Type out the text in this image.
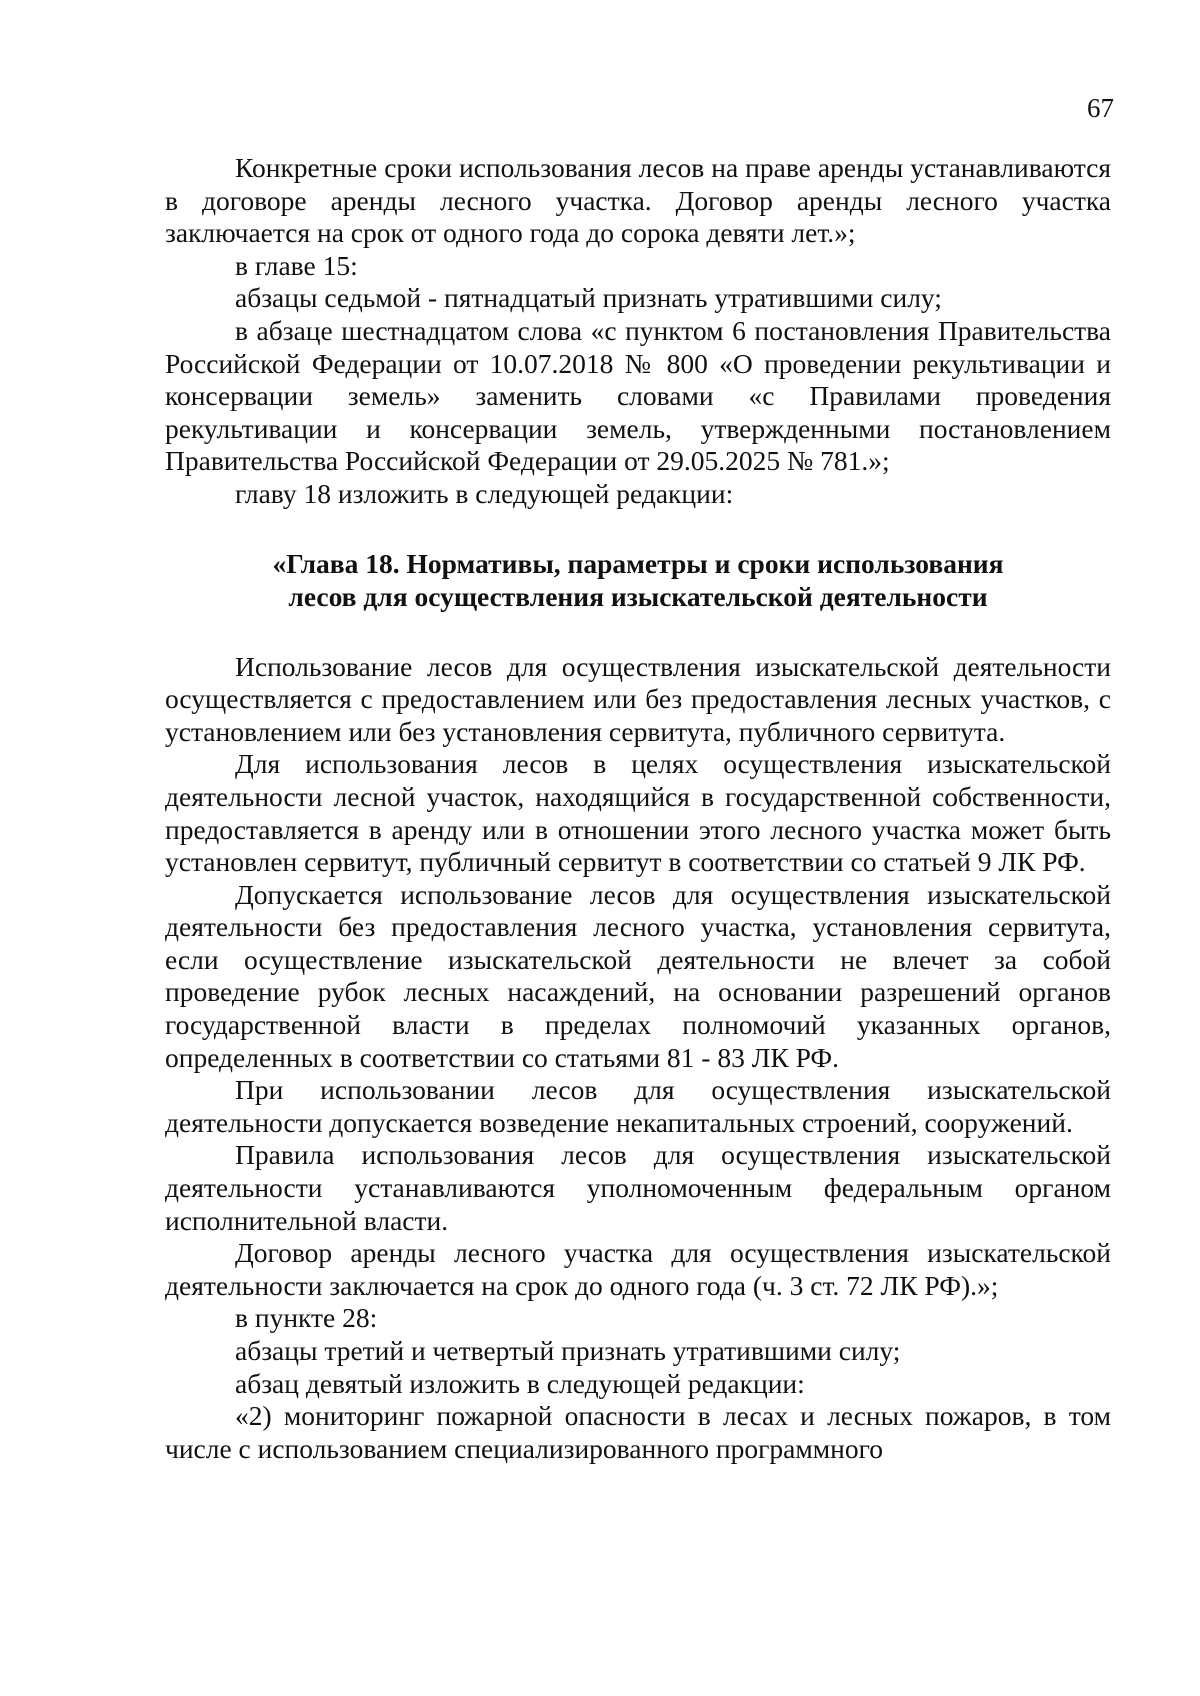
67

Конкретные сроки использования лесов на праве аренды устанавливаются в договоре аренды лесного участка. Договор аренды лесного участка заключается на срок от одного года до сорока девяти лет.»;

в главе 15:

абзацы седьмой - пятнадцатый признать утратившими силу;

в абзаце шестнадцатом слова «с пунктом 6 постановления Правительства Российской Федерации от 10.07.2018 № 800 «О проведении рекультивации и консервации земель» заменить словами «с Правилами проведения рекультивации и консервации земель, утвержденными постановлением Правительства Российской Федерации от 29.05.2025 № 781.»;

главу 18 изложить в следующей редакции:

«Глава 18. Нормативы, параметры и сроки использования
лесов для осуществления изыскательской деятельности

Использование лесов для осуществления изыскательской деятельности осуществляется с предоставлением или без предоставления лесных участков, с установлением или без установления сервитута, публичного сервитута.

Для использования лесов в целях осуществления изыскательской деятельности лесной участок, находящийся в государственной собственности, предоставляется в аренду или в отношении этого лесного участка может быть установлен сервитут, публичный сервитут в соответствии со статьей 9 ЛК РФ.

Допускается использование лесов для осуществления изыскательской деятельности без предоставления лесного участка, установления сервитута, если осуществление изыскательской деятельности не влечет за собой проведение рубок лесных насаждений, на основании разрешений органов государственной власти в пределах полномочий указанных органов, определенных в соответствии со статьями 81 - 83 ЛК РФ.

При использовании лесов для осуществления изыскательской деятельности допускается возведение некапитальных строений, сооружений.

Правила использования лесов для осуществления изыскательской деятельности устанавливаются уполномоченным федеральным органом исполнительной власти.

Договор аренды лесного участка для осуществления изыскательской деятельности заключается на срок до одного года (ч. 3 ст. 72 ЛК РФ).»;

в пункте 28:

абзацы третий и четвертый признать утратившими силу;

абзац девятый изложить в следующей редакции:

«2) мониторинг пожарной опасности в лесах и лесных пожаров, в том числе с использованием специализированного программного
